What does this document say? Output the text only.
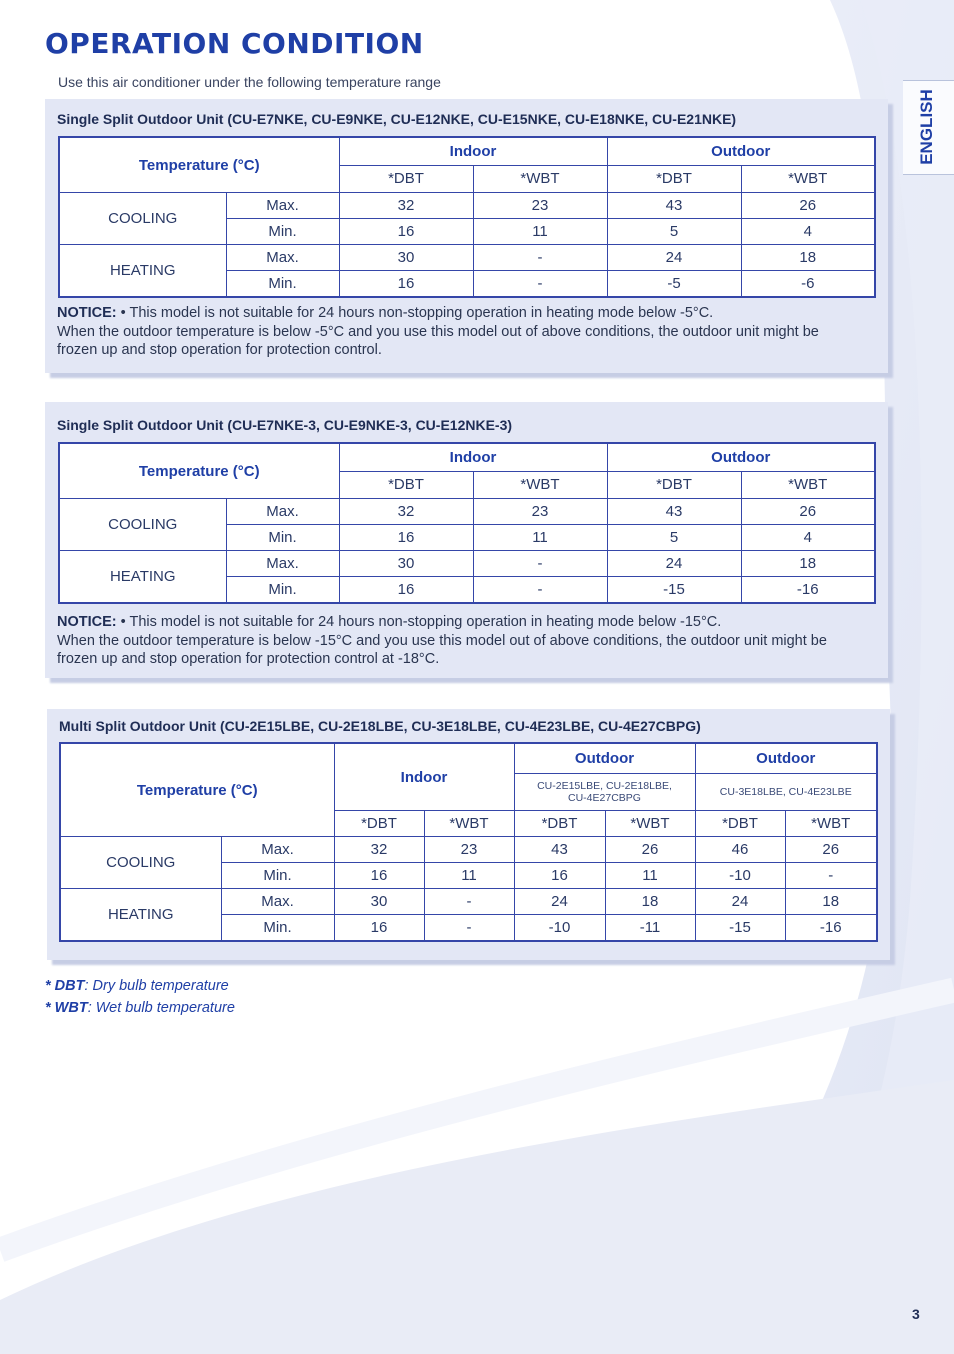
OPERATION CONDITION
Use this air conditioner under the following temperature range
ENGLISH
Single Split Outdoor Unit (CU-E7NKE, CU-E9NKE, CU-E12NKE, CU-E15NKE, CU-E18NKE, CU-E21NKE)
Temperature (°C)		Indoor		Outdoor	
		*DBT	*WBT	*DBT	*WBT
COOLING	Max.	32	23	43	26
	Min.	16	11	5	4
HEATING	Max.	30	-	24	18
	Min.	16	-	-5	-6
NOTICE: • This model is not suitable for 24 hours non-stopping operation in heating mode below -5°C.
When the outdoor temperature is below -5°C and you use this model out of above conditions, the outdoor unit might be
frozen up and stop operation for protection control.
Single Split Outdoor Unit (CU-E7NKE-3, CU-E9NKE-3, CU-E12NKE-3)
Temperature (°C)		Indoor		Outdoor	
		*DBT	*WBT	*DBT	*WBT
COOLING	Max.	32	23	43	26
	Min.	16	11	5	4
HEATING	Max.	30	-	24	18
	Min.	16	-	-15	-16
NOTICE: • This model is not suitable for 24 hours non-stopping operation in heating mode below -15°C.
When the outdoor temperature is below -15°C and you use this model out of above conditions, the outdoor unit might be
frozen up and stop operation for protection control at -18°C.
Multi Split Outdoor Unit (CU-2E15LBE, CU-2E18LBE, CU-3E18LBE, CU-4E23LBE, CU-4E27CBPG)
Temperature (°C)		Indoor		Outdoor		Outdoor	
				CU-2E15LBE, CU-2E18LBE, CU-4E27CBPG		CU-3E18LBE, CU-4E23LBE	
		*DBT	*WBT	*DBT	*WBT	*DBT	*WBT
COOLING	Max.	32	23	43	26	46	26
	Min.	16	11	16	11	-10	-
HEATING	Max.	30	-	24	18	24	18
	Min.	16	-	-10	-11	-15	-16
* DBT: Dry bulb temperature
* WBT: Wet bulb temperature
3
